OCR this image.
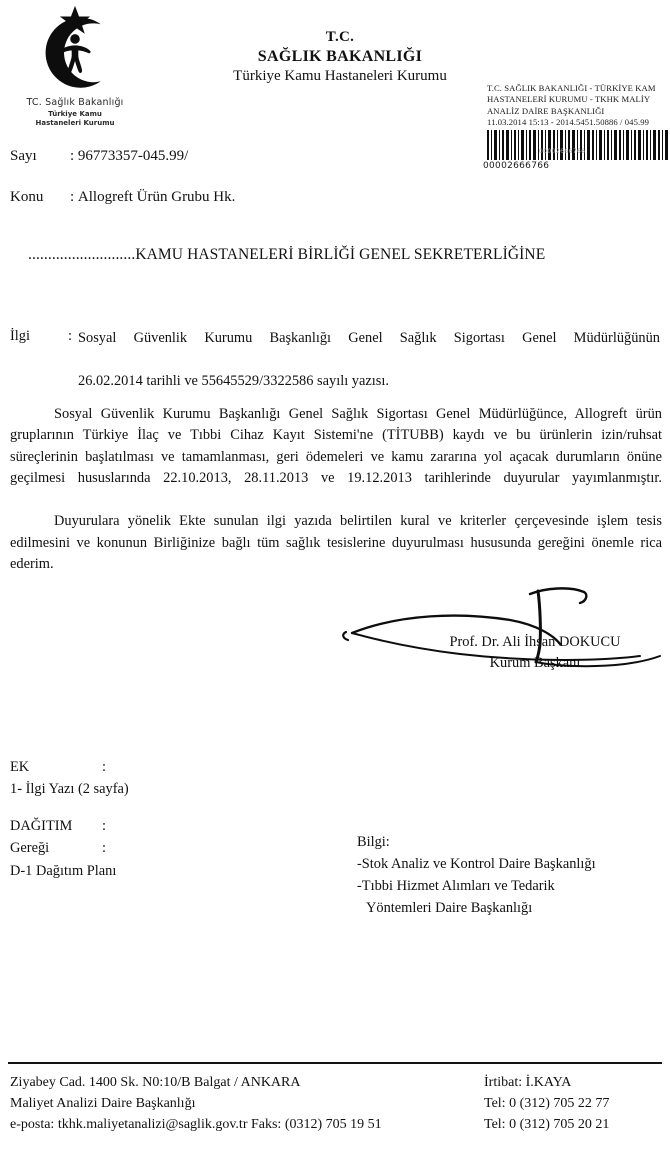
TC. Sağlık Bakanlığı
Türkiye Kamu
Hastaneleri Kurumu
T.C.
SAĞLIK BAKANLIĞI
Türkiye Kamu Hastaneleri Kurumu
T.C. SAĞLIK BAKANLIĞI - TÜRKİYE KAM
HASTANELERİ KURUMU - TKHK MALİY
ANALİZ DAİRE BAŞKANLIĞI
11.03.2014 15:13 - 2014.5451.50886 / 045.99
00002666766
00002666766
Sayı : 96773357-045.99/
Konu : Allogreft Ürün Grubu Hk.
...........................KAMU HASTANELERİ BİRLİĞİ GENEL SEKRETERLİĞİNE
İlgi	: Sosyal Güvenlik Kurumu Başkanlığı Genel Sağlık Sigortası Genel Müdürlüğünün
26.02.2014 tarihli ve 55645529/3322586 sayılı yazısı.

Sosyal Güvenlik Kurumu Başkanlığı Genel Sağlık Sigortası Genel Müdürlüğünce, Allogreft ürün gruplarının Türkiye İlaç ve Tıbbi Cihaz Kayıt Sistemi'ne (TİTUBB) kaydı ve bu ürünlerin izin/ruhsat süreçlerinin başlatılması ve tamamlanması, geri ödemeleri ve kamu zararına yol açacak durumların önüne geçilmesi hususlarında 22.10.2013, 28.11.2013 ve 19.12.2013 tarihlerinde duyurular yayımlanmıştır.

Duyurulara yönelik Ekte sunulan ilgi yazıda belirtilen kural ve kriterler çerçevesinde işlem tesis edilmesini ve konunun Birliğinize bağlı tüm sağlık tesislerine duyurulması hususunda gereğini önemle rica ederim.

Prof. Dr. Ali İhsan DOKUCU
Kurum Başkanı
EK	:
1- İlgi Yazı (2 sayfa)
DAĞITIM :
Gereği	:
D-1 Dağıtım Planı
Bilgi:
-Stok Analiz ve Kontrol Daire Başkanlığı
-Tıbbi Hizmet Alımları ve Tedarik
Yöntemleri Daire Başkanlığı
Ziyabey Cad. 1400 Sk. N0:10/B Balgat / ANKARA
Maliyet Analizi Daire Başkanlığı
e-posta: tkhk.maliyetanalizi@saglik.gov.tr Faks: (0312) 705 19 51
İrtibat: İ.KAYA
Tel: 0 (312) 705 22 77
Tel: 0 (312) 705 20 21
